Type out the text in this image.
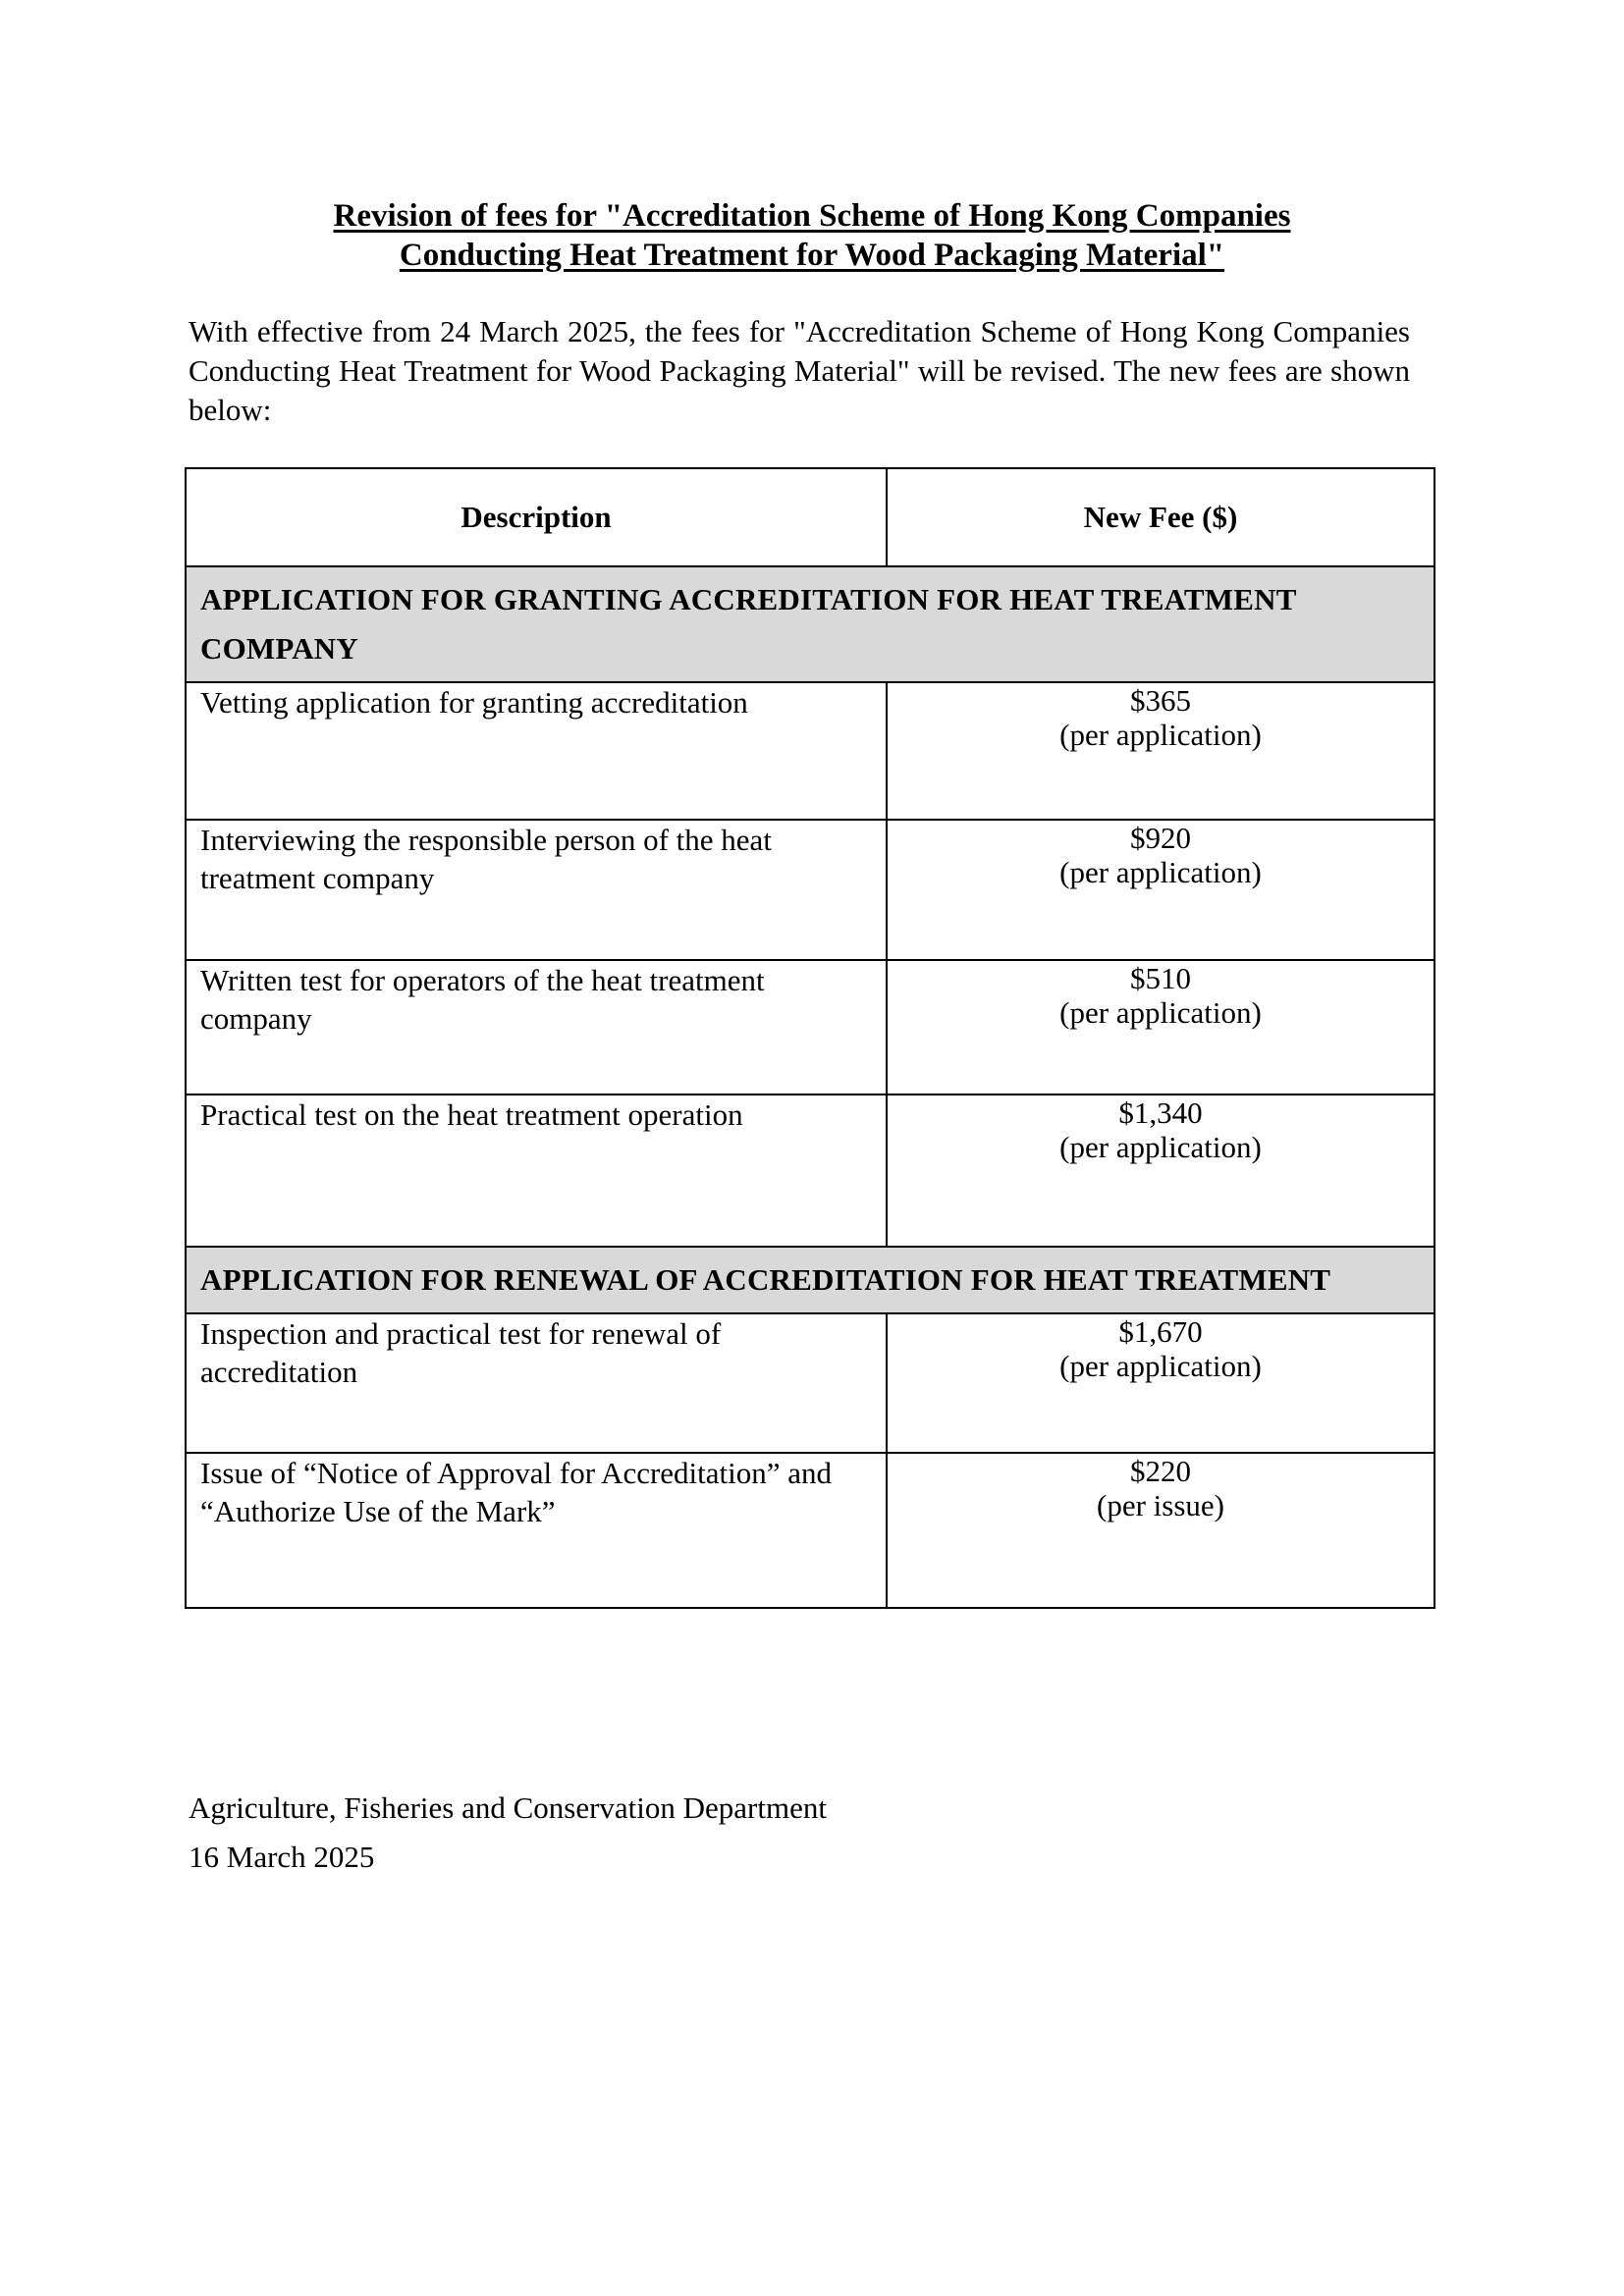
Revision of fees for "Accreditation Scheme of Hong Kong Companies
Conducting Heat Treatment for Wood Packaging Material"
With effective from 24 March 2025, the fees for "Accreditation Scheme of Hong Kong Companies Conducting Heat Treatment for Wood Packaging Material" will be revised. The new fees are shown below:
Description	New Fee ($)
APPLICATION FOR GRANTING ACCREDITATION FOR HEAT TREATMENT COMPANY	
Vetting application for granting accreditation	$365
(per application)

Interviewing the responsible person of the heat treatment company	$920
(per application)

Written test for operators of the heat treatment company	$510
(per application)

Practical test on the heat treatment operation	$1,340
(per application)

APPLICATION FOR RENEWAL OF ACCREDITATION FOR HEAT TREATMENT	
Inspection and practical test for renewal of accreditation	$1,670
(per application)

Issue of “Notice of Approval for Accreditation” and “Authorize Use of the Mark”	$220
(per issue)
Agriculture, Fisheries and Conservation Department
16 March 2025
